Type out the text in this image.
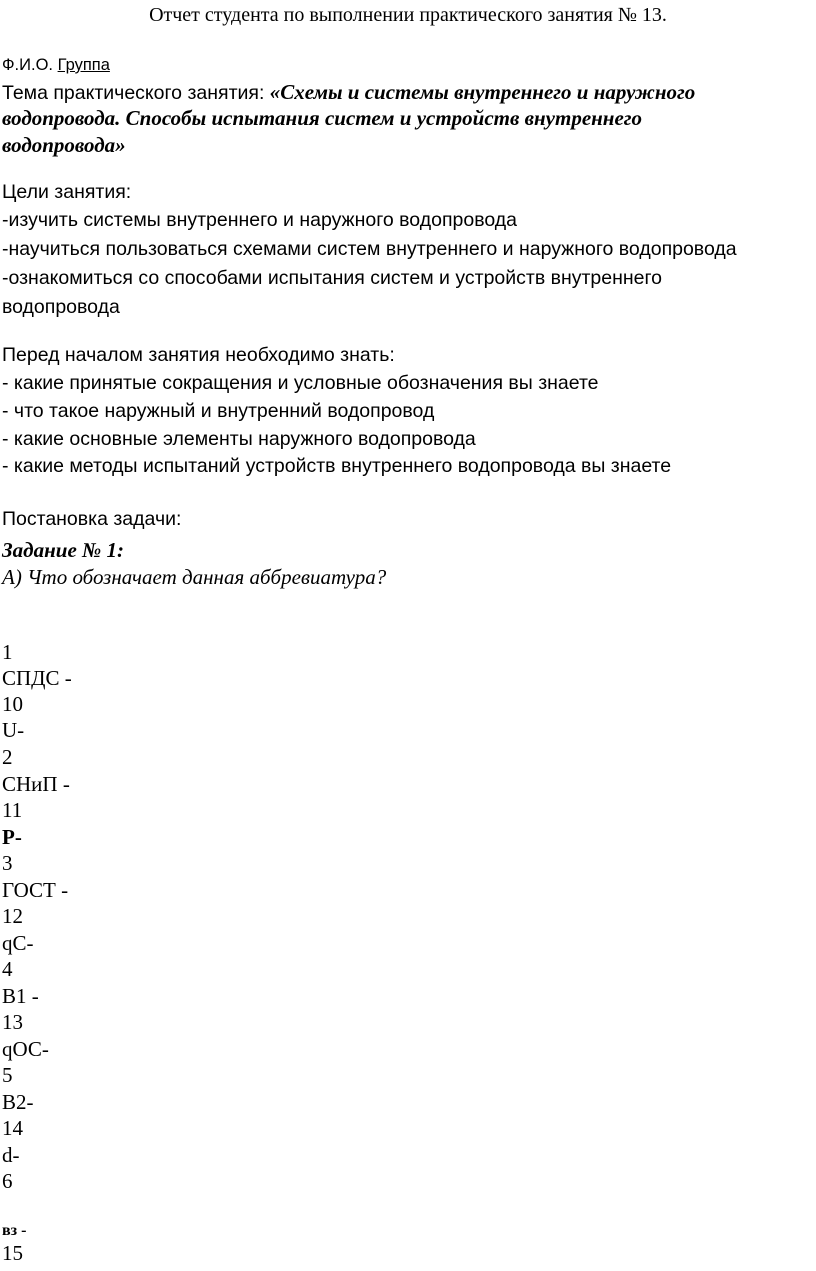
Отчет студента по выполнении практического занятия № 13.
Ф.И.О. Группа
Тема практического занятия: «Схемы и системы внутреннего и наружного
водопровода. Способы испытания систем и устройств внутреннего
водопровода»
Цели занятия:
-изучить системы внутреннего и наружного водопровода
-научиться пользоваться схемами систем внутреннего и наружного водопровода
-ознакомиться со способами испытания систем и устройств внутреннего
водопровода
Перед началом занятия необходимо знать:
- какие принятые сокращения и условные обозначения вы знаете
- что такое наружный и внутренний водопровод
- какие основные элементы наружного водопровода
- какие методы испытаний устройств внутреннего водопровода вы знаете
Постановка задачи:
Задание № 1:
А) Что обозначает данная аббревиатура?
1
СПДС -
10
U-
2
СНиП -
11
Р-
3
ГОСТ -
12
qС-
4
В1 -
13
qОС-
5
В2-
14
d-
6
вз -
15
